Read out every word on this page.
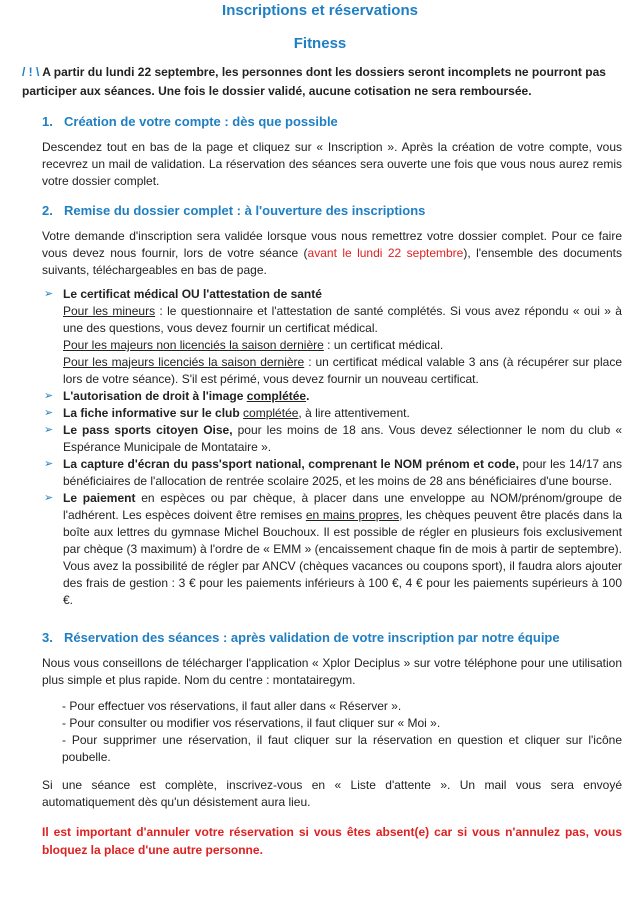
Inscriptions et réservations
Fitness
/ ! \ A partir du lundi 22 septembre, les personnes dont les dossiers seront incomplets ne pourront pas participer aux séances. Une fois le dossier validé, aucune cotisation ne sera remboursée.
1. Création de votre compte : dès que possible

Descendez tout en bas de la page et cliquez sur « Inscription ». Après la création de votre compte, vous recevrez un mail de validation. La réservation des séances sera ouverte une fois que vous nous aurez remis votre dossier complet.

2. Remise du dossier complet : à l'ouverture des inscriptions

Votre demande d'inscription sera validée lorsque vous nous remettrez votre dossier complet. Pour ce faire vous devez nous fournir, lors de votre séance (avant le lundi 22 septembre), l'ensemble des documents suivants, téléchargeables en bas de page.

➢ Le certificat médical OU l'attestation de santé
Pour les mineurs : le questionnaire et l'attestation de santé complétés. Si vous avez répondu « oui » à une des questions, vous devez fournir un certificat médical.
Pour les majeurs non licenciés la saison dernière : un certificat médical.
Pour les majeurs licenciés la saison dernière : un certificat médical valable 3 ans (à récupérer sur place lors de votre séance). S'il est périmé, vous devez fournir un nouveau certificat.
➢ L'autorisation de droit à l'image complétée.
➢ La fiche informative sur le club complétée, à lire attentivement.
➢ Le pass sports citoyen Oise, pour les moins de 18 ans. Vous devez sélectionner le nom du club « Espérance Municipale de Montataire ».
➢ La capture d'écran du pass'sport national, comprenant le NOM prénom et code, pour les 14/17 ans bénéficiaires de l'allocation de rentrée scolaire 2025, et les moins de 28 ans bénéficiaires d'une bourse.
➢ Le paiement en espèces ou par chèque, à placer dans une enveloppe au NOM/prénom/groupe de l'adhérent. Les espèces doivent être remises en mains propres, les chèques peuvent être placés dans la boîte aux lettres du gymnase Michel Bouchoux. Il est possible de régler en plusieurs fois exclusivement par chèque (3 maximum) à l'ordre de « EMM » (encaissement chaque fin de mois à partir de septembre). Vous avez la possibilité de régler par ANCV (chèques vacances ou coupons sport), il faudra alors ajouter des frais de gestion : 3 € pour les paiements inférieurs à 100 €, 4 € pour les paiements supérieurs à 100 €.
3. Réservation des séances : après validation de votre inscription par notre équipe

Nous vous conseillons de télécharger l'application « Xplor Deciplus » sur votre téléphone pour une utilisation plus simple et plus rapide. Nom du centre : montatairegym.

- Pour effectuer vos réservations, il faut aller dans « Réserver ».
- Pour consulter ou modifier vos réservations, il faut cliquer sur « Moi ».
- Pour supprimer une réservation, il faut cliquer sur la réservation en question et cliquer sur l'icône poubelle.

Si une séance est complète, inscrivez-vous en « Liste d'attente ». Un mail vous sera envoyé automatiquement dès qu'un désistement aura lieu.

Il est important d'annuler votre réservation si vous êtes absent(e) car si vous n'annulez pas, vous bloquez la place d'une autre personne.
